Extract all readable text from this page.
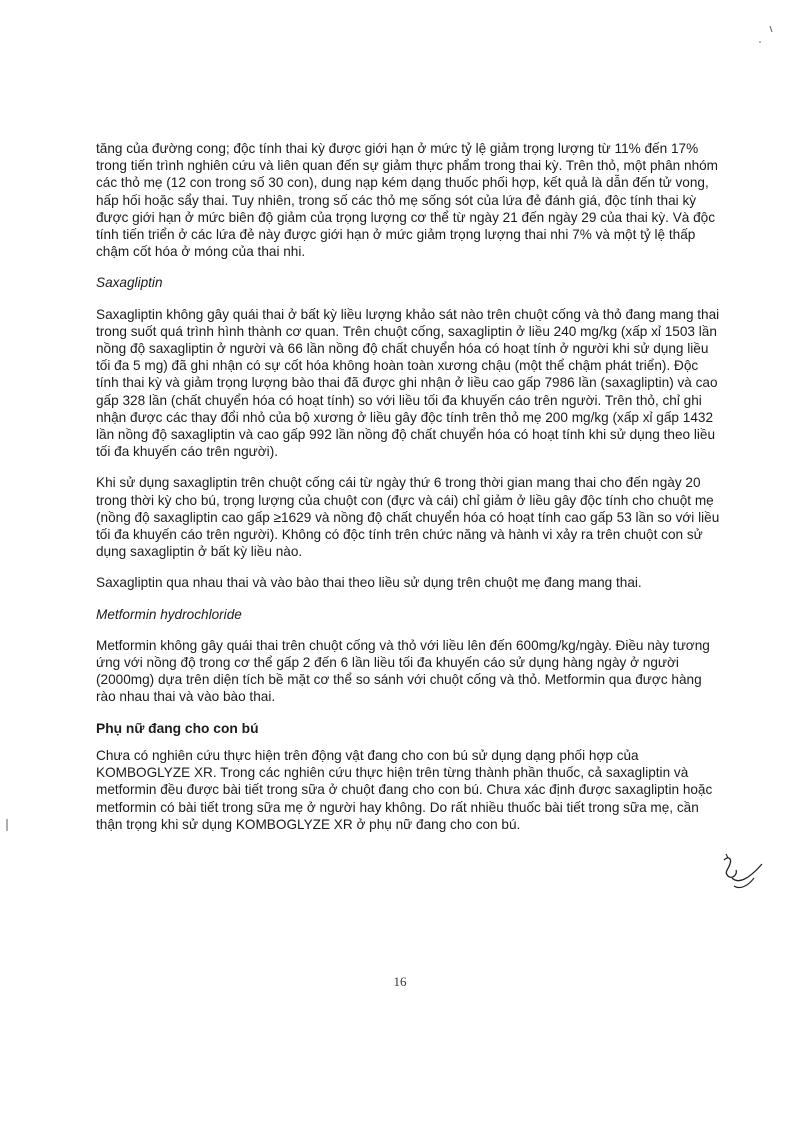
tăng của đường cong; độc tính thai kỳ được giới hạn ở mức tỷ lệ giảm trọng lượng từ 11% đến 17% trong tiến trình nghiên cứu và liên quan đến sự giảm thực phẩm trong thai kỳ. Trên thỏ, một phân nhóm các thỏ mẹ (12 con trong số 30 con), dung nạp kém dạng thuốc phối hợp, kết quả là dẫn đến tử vong, hấp hối hoặc sẩy thai. Tuy nhiên, trong số các thỏ mẹ sống sót của lứa đẻ đánh giá, độc tính thai kỳ được giới hạn ở mức biên độ giảm của trọng lượng cơ thể từ ngày 21 đến ngày 29 của thai kỳ. Và độc tính tiến triển ở các lứa đẻ này được giới hạn ở mức giảm trọng lượng thai nhi 7% và một tỷ lệ thấp chậm cốt hóa ở móng của thai nhi.

Saxagliptin

Saxagliptin không gây quái thai ở bất kỳ liều lượng khảo sát nào trên chuột cống và thỏ đang mang thai trong suốt quá trình hình thành cơ quan. Trên chuột cống, saxagliptin ở liều 240 mg/kg (xấp xỉ 1503 lần nồng độ saxagliptin ở người và 66 lần nồng độ chất chuyển hóa có hoạt tính ở người khi sử dụng liều tối đa 5 mg) đã ghi nhận có sự cốt hóa không hoàn toàn xương chậu (một thể chậm phát triển). Độc tính thai kỳ và giảm trọng lượng bào thai đã được ghi nhận ở liều cao gấp 7986 lần (saxagliptin) và cao gấp 328 lần (chất chuyển hóa có hoạt tính) so với liều tối đa khuyến cáo trên người. Trên thỏ, chỉ ghi nhận được các thay đổi nhỏ của bộ xương ở liều gây độc tính trên thỏ mẹ 200 mg/kg (xấp xỉ gấp 1432 lần nồng độ saxagliptin và cao gấp 992 lần nồng độ chất chuyển hóa có hoạt tính khi sử dụng theo liều tối đa khuyến cáo trên người).

Khi sử dụng saxagliptin trên chuột cống cái từ ngày thứ 6 trong thời gian mang thai cho đến ngày 20 trong thời kỳ cho bú, trọng lượng của chuột con (đực và cái) chỉ giảm ở liều gây độc tính cho chuột mẹ (nồng độ saxagliptin cao gấp ≥1629 và nồng độ chất chuyển hóa có hoạt tính cao gấp 53 lần so với liều tối đa khuyến cáo trên người). Không có độc tính trên chức năng và hành vi xảy ra trên chuột con sử dụng saxagliptin ở bất kỳ liều nào.

Saxagliptin qua nhau thai và vào bào thai theo liều sử dụng trên chuột mẹ đang mang thai.

Metformin hydrochloride

Metformin không gây quái thai trên chuột cống và thỏ với liều lên đến 600mg/kg/ngày. Điều này tương ứng với nồng độ trong cơ thể gấp 2 đến 6 lần liều tối đa khuyến cáo sử dụng hàng ngày ở người (2000mg) dựa trên diện tích bề mặt cơ thể so sánh với chuột cống và thỏ. Metformin qua được hàng rào nhau thai và vào bào thai.

Phụ nữ đang cho con bú

Chưa có nghiên cứu thực hiện trên động vật đang cho con bú sử dụng dạng phối hợp của KOMBOGLYZE XR. Trong các nghiên cứu thực hiện trên từng thành phần thuốc, cả saxagliptin và metformin đều được bài tiết trong sữa ở chuột đang cho con bú. Chưa xác định được saxagliptin hoặc metformin có bài tiết trong sữa mẹ ở người hay không. Do rất nhiều thuốc bài tiết trong sữa mẹ, cần thận trọng khi sử dụng KOMBOGLYZE XR ở phụ nữ đang cho con bú.

16
